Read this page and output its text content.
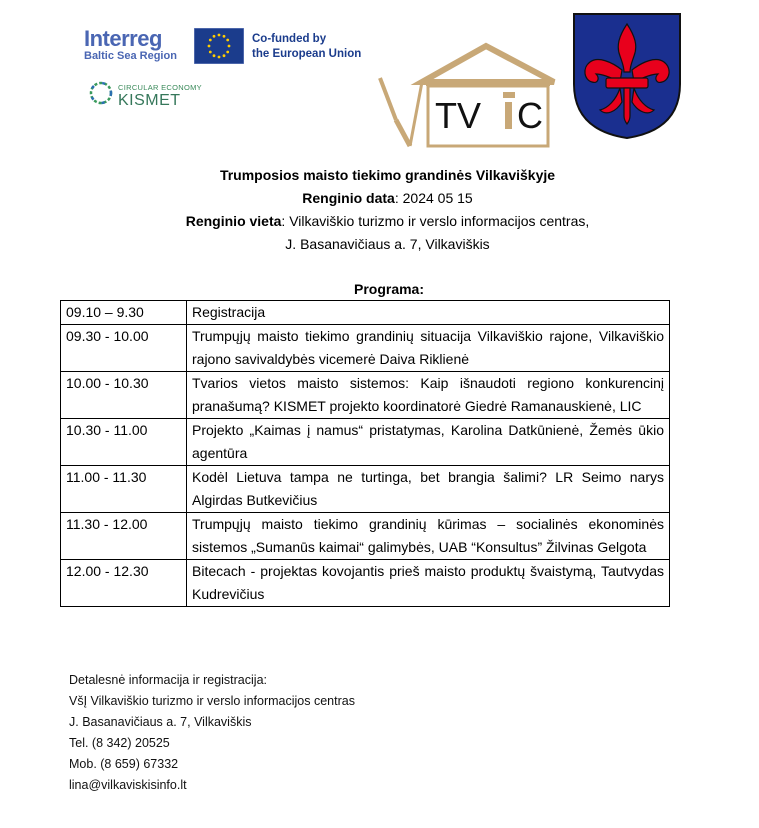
Interreg
Baltic Sea Region
Co-funded by
the European Union
CIRCULAR ECONOMY
KISMET	TV C
Trumposios maisto tiekimo grandinės Vilkaviškyje
Renginio data: 2024 05 15
Renginio vieta: Vilkaviškio turizmo ir verslo informacijos centras,
J. Basanavičiaus a. 7, Vilkaviškis
Programa:
09.10 – 9.30	Registracija
09.30 - 10.00	Trumpųjų maisto tiekimo grandinių situacija Vilkaviškio rajone, Vilkaviškio rajono savivaldybės vicemerė Daiva Riklienė
10.00 - 10.30	Tvarios vietos maisto sistemos: Kaip išnaudoti regiono konkurencinį pranašumą? KISMET projekto koordinatorė Giedrė Ramanauskienė, LIC
10.30 - 11.00	Projekto „Kaimas į namus“ pristatymas, Karolina Datkūnienė, Žemės ūkio agentūra
11.00 - 11.30	Kodėl Lietuva tampa ne turtinga, bet brangia šalimi? LR Seimo narys Algirdas Butkevičius
11.30 - 12.00	Trumpųjų maisto tiekimo grandinių kūrimas – socialinės ekonominės sistemos „Sumanūs kaimai“ galimybės, UAB “Konsultus” Žilvinas Gelgota
12.00 - 12.30	Bitecach - projektas kovojantis prieš maisto produktų švaistymą, Tautvydas Kudrevičius
Detalesnė informacija ir registracija:
VšĮ Vilkaviškio turizmo ir verslo informacijos centras
J. Basanavičiaus a. 7, Vilkaviškis
Tel. (8 342) 20525
Mob. (8 659) 67332
lina@vilkaviskisinfo.lt
